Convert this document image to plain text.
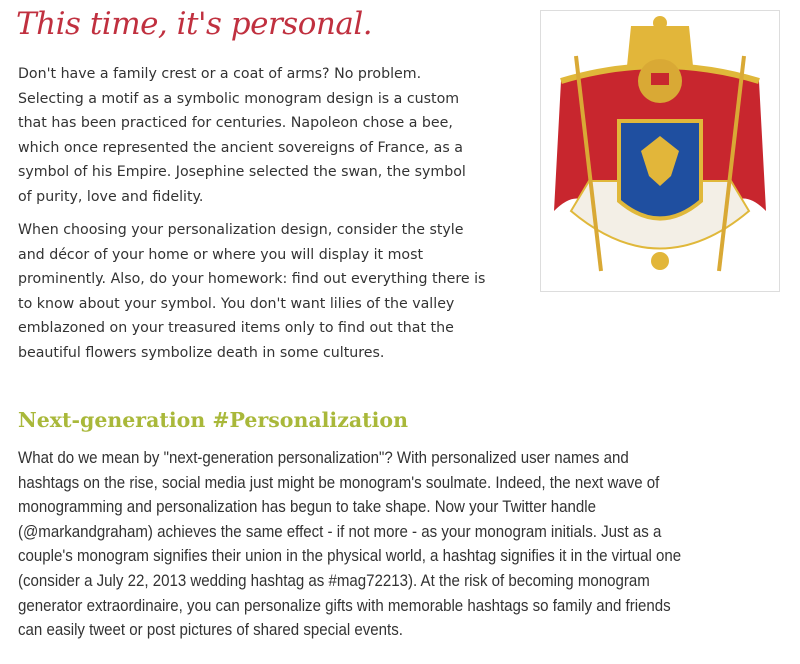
This time, it's personal.
Don't have a family crest or a coat of arms? No problem.
Selecting a motif as a symbolic monogram design is a custom
that has been practiced for centuries. Napoleon chose a bee,
which once represented the ancient sovereigns of France, as a
symbol of his Empire. Josephine selected the swan, the symbol
of purity, love and fidelity.
When choosing your personalization design, consider the style
and décor of your home or where you will display it most
prominently. Also, do your homework: find out everything there is
to know about your symbol. You don't want lilies of the valley
emblazoned on your treasured items only to find out that the
beautiful flowers symbolize death in some cultures.
Next-generation #Personalization
What do we mean by "next-generation personalization"? With personalized user names and
hashtags on the rise, social media just might be monogram's soulmate. Indeed, the next wave of
monogramming and personalization has begun to take shape. Now your Twitter handle
(@markandgraham) achieves the same effect - if not more - as your monogram initials. Just as a
couple's monogram signifies their union in the physical world, a hashtag signifies it in the virtual one
(consider a July 22, 2013 wedding hashtag as #mag72213). At the risk of becoming monogram
generator extraordinaire, you can personalize gifts with memorable hashtags so family and friends
can easily tweet or post pictures of shared special events.
